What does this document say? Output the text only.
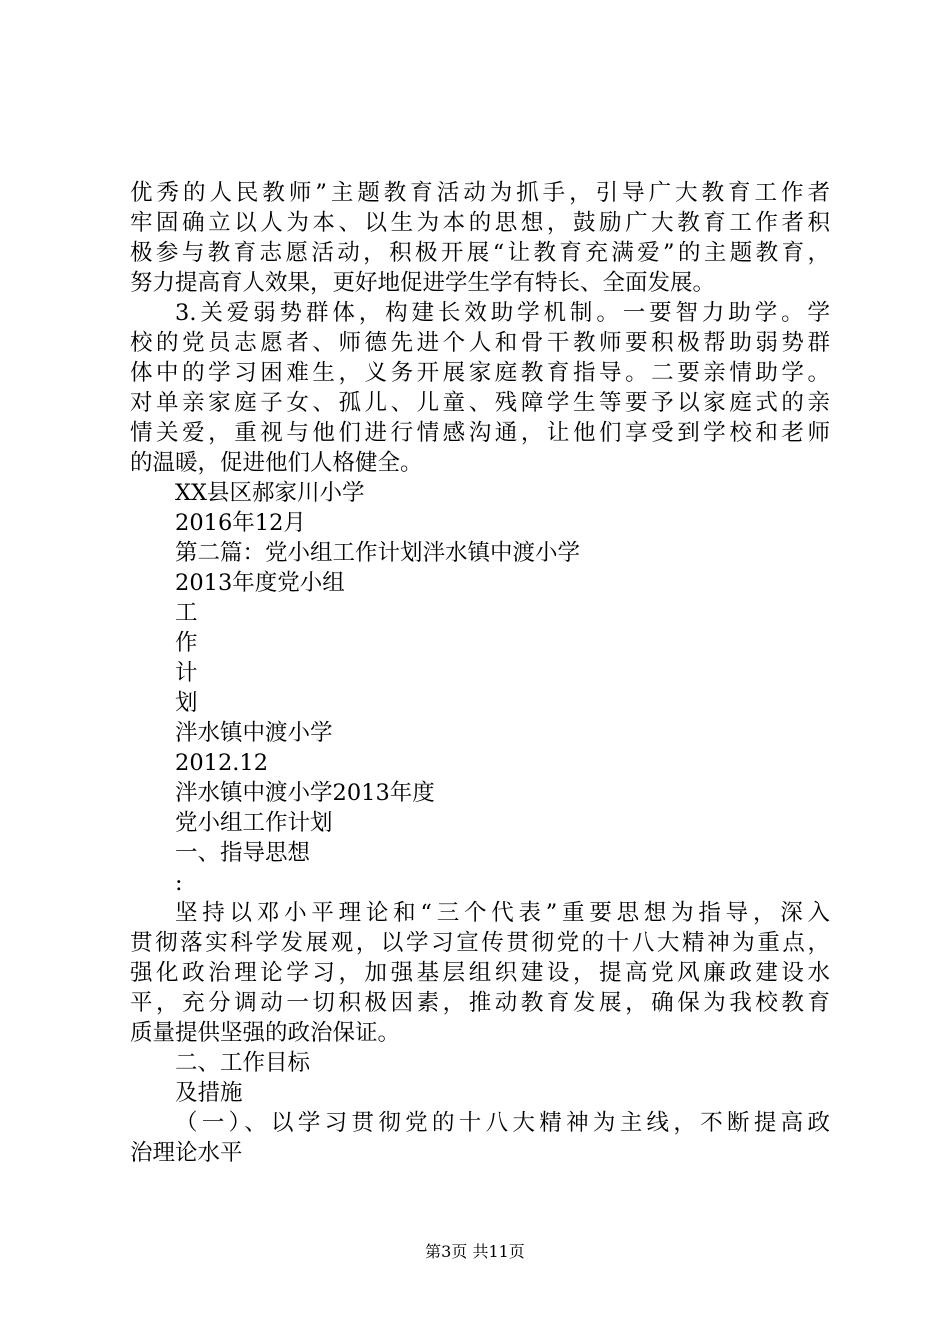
优秀的人民教师”主题教育活动为抓手，引导广大教育工作者
牢固确立以人为本、以生为本的思想，鼓励广大教育工作者积
极参与教育志愿活动，积极开展“让教育充满爱”的主题教育，
努力提高育人效果，更好地促进学生学有特长、全面发展。
3.关爱弱势群体，构建长效助学机制。一要智力助学。学
校的党员志愿者、师德先进个人和骨干教师要积极帮助弱势群
体中的学习困难生，义务开展家庭教育指导。二要亲情助学。
对单亲家庭子女、孤儿、儿童、残障学生等要予以家庭式的亲
情关爱，重视与他们进行情感沟通，让他们享受到学校和老师
的温暖，促进他们人格健全。
XX县区郝家川小学
2016年12月
第二篇：党小组工作计划泮水镇中渡小学
2013年度党小组
工
作
计
划
泮水镇中渡小学
2012.12
泮水镇中渡小学2013年度
党小组工作计划
一、指导思想
:
坚持以邓小平理论和“三个代表”重要思想为指导，深入
贯彻落实科学发展观，以学习宣传贯彻党的十八大精神为重点，
强化政治理论学习，加强基层组织建设，提高党风廉政建设水
平，充分调动一切积极因素，推动教育发展，确保为我校教育
质量提供坚强的政治保证。
二、工作目标
及措施
（一）、以学习贯彻党的十八大精神为主线，不断提高政
治理论水平
第3页 共11页
